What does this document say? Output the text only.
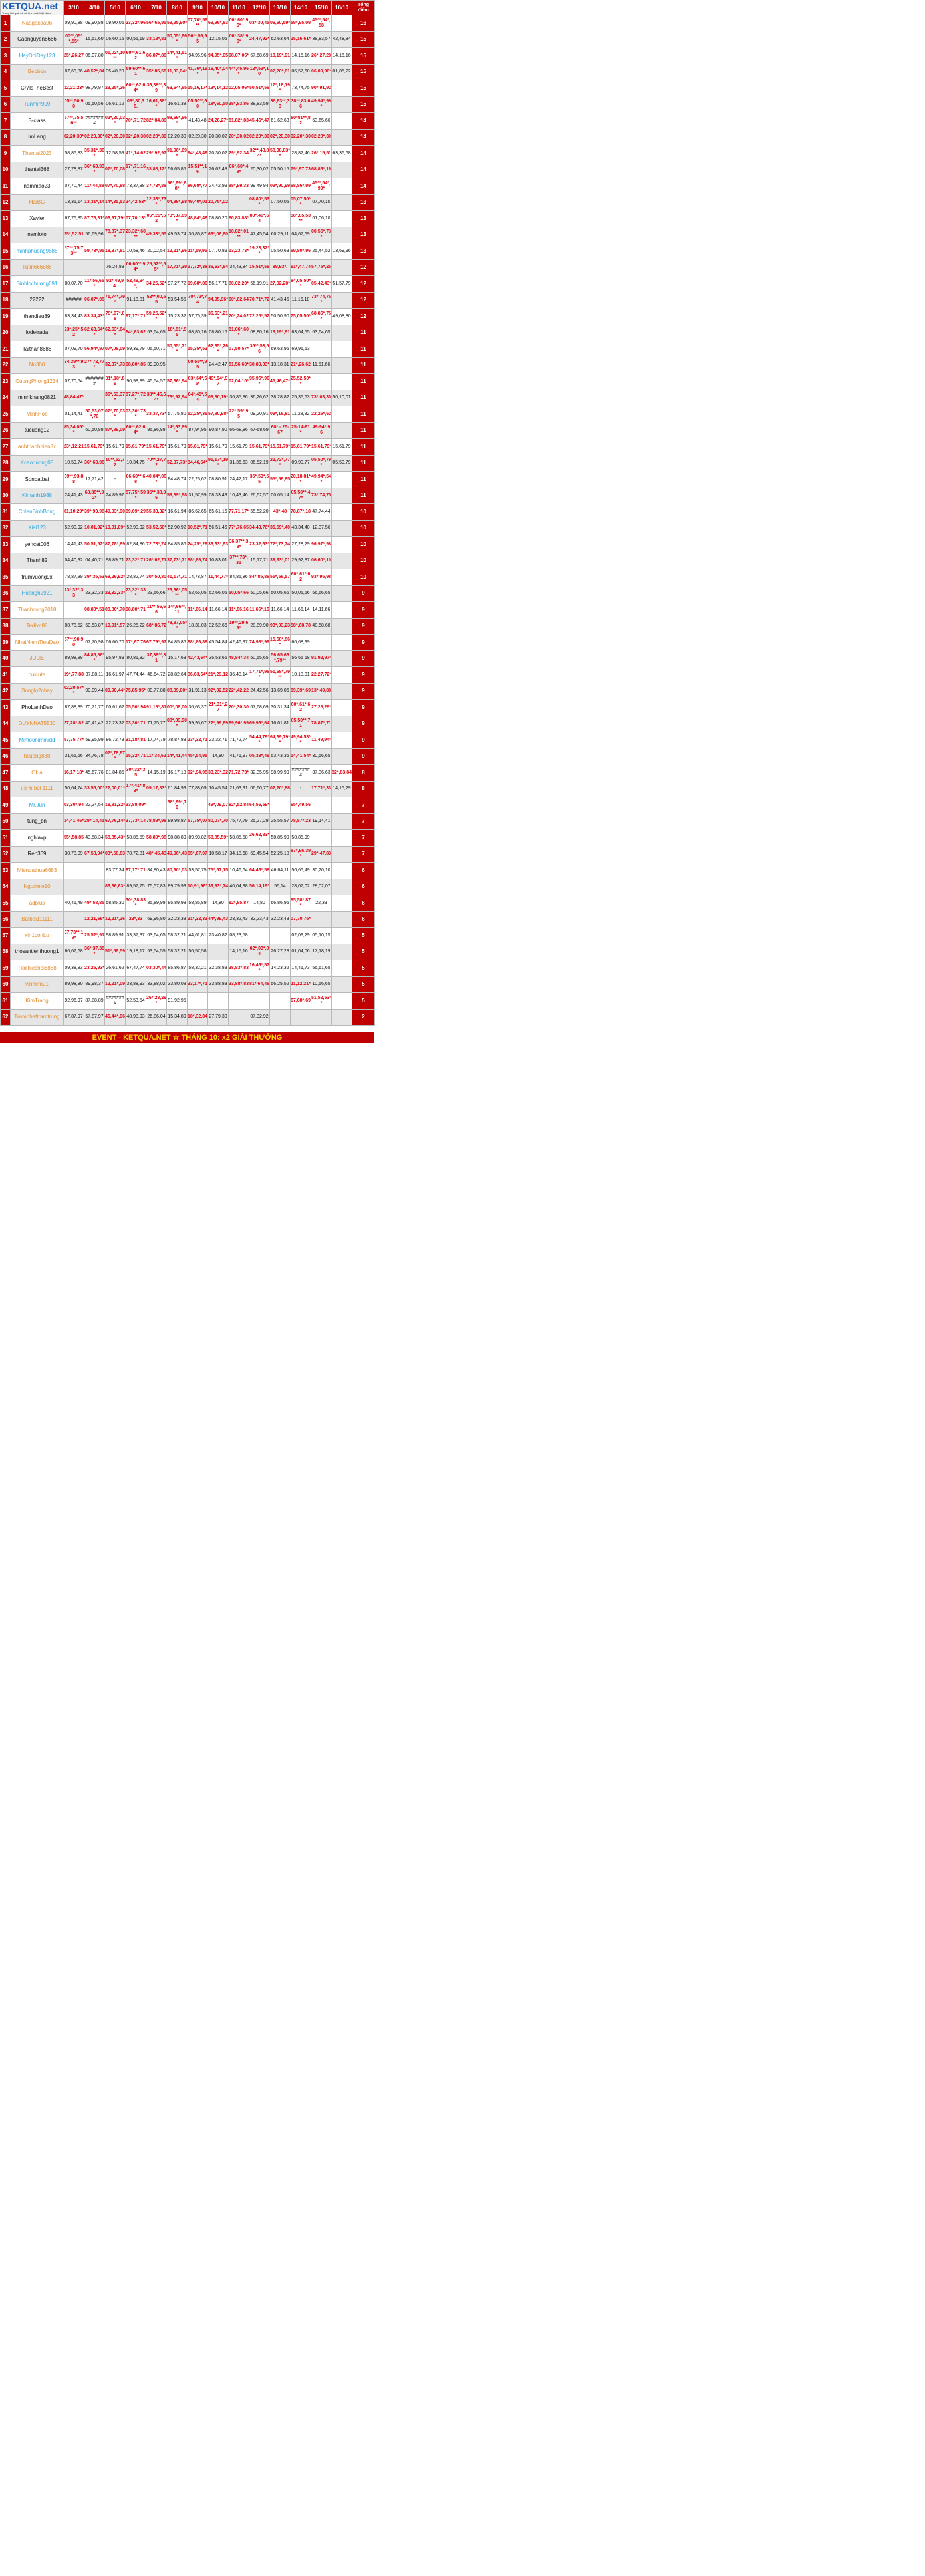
KETQUA.net
Trang kết quả xổ số lớn nhất Việt Nam		3/10	4/10	5/10	6/10	7/10	8/10	9/10	10/10	11/10	12/10	13/10	14/10	15/10	16/10	Tổng điểm
1	Naagaxaa96	09,90,88	09,90,88	09,90,06	23,32*,96	56*,65,95	59,95,90*	07,70*,56**	69,96*,83	06*,60*,96*	03*,30,45	06,60,59*	59*,95,09	45**,54*,58		16
2	Caonguyen8686	00**,05**,55*	15,51,60	06,60,15	00,55,19	33,18*,81	50,05*,66*	56**,59,95	12,15,06	06*,38*,96*	24,47,92*	62,63,64	25,16,61*	38,83,57	42,48,84	15
3	HayDoiDay123	25*,26,27	06,07,80	01,02*,10**	60**,61,62	86,87*,88	14*,41,51*	94,95,96	94,95*,05	08,07,06*	67,68,69	18,19*,91	14,15,16	26*,27,28	14,15,16	15
4	Bepbon	07,68,86	48,52*,84	35,48,29	59,60**,61	35*,85,58	11,33,64*	41,76*,19*	16,40*,04*	44*,45,96*	12*,53*,10	02,20*,01	06,57,60	06,09,90*	01,05,22	15
5	Cr7IsTheBest	12,21,23*	98,79,97	23,25*,26	60**,62,64*	36,38**,39	63,64*,65	15,16,17*	13*,14,12	02,05,06*	50,51*,56	17*,18,19*	73,74,75	90*,91,92		15
6	Tunmin999	05**,50,90	05,50,56	06,61,12	08*,80,38.	16,61,38**	16,61,38	05,50**,60	18*,60,50	38*,83,86	38,83,59	38,83**,33	38**,83,66	49,94*,99*		15
7	S-class	57**,75,56**	########	02*,20,03*	70*,71,72	82*,84,86	98,69*,96*	41,43,48	24,26,27*	81,82*,83	45,46*,47	61,62,63	80*81**,82	63,65,66		14
8	ImLang	02,20,30*	02,20,30*	02*,20,30	02*,20,30	02,20*,30	02,20,30	02,20,30	20,30,02	20*,30,02	02,20*,30	02*,20,30	02,20*,30	02,20*,30		14
9	Thantai2023	58,85,83	35,31*,36*	12,58,59	41*,14,62	29*,92,97	91,96*,69*	84*,48,46	20,30,02	29*,92,34	32**,48,84*	58,38,83**	28,82,46	26*,15,51	63,36,68	14
10	thantai368	27,78,87	36*,63,93*	07*,70,08	17*,71,16*	33,88,12*	56,65,85	15,51**,16	26,62,48	06*,60*,48*	20,30,02	05,50,15	79*,97,73	68,86*,16		14
11	nammao23	07,70,44	11*,44,88	07*,70,88	73,37,88	37,73*,88	96*,69*,88*	86,68*,77	24,42,99	88*,99,33	99 49 94	09*,90,99	68,86*,99	45**,54*,99*		14
12	HaiBG	13,31,14	13,31*,14	14*,35,53	24,42,53*	12,33*,73*	04,89*,98	49,40*,01	20,75*,02		08,80*,53*	07,50,05	05,07,50**	07,70,10		13
13	Xavier	67,76,85	87,78,31*	06,97,79*	07,70,13*	06*,26*,62	73*,37,89*	48,84*,46	08,80,20	80,83,88*	80*,46*,64		58*,85,53**	61,06,10		13
14	namloto	25*,52,51	56,69,96	78,87*,37*	23,32*,60**	49,33*,55	49.53,74	36,86,87	63*,06,60	10,82*,01**	47,45,54	60,29,11	04,67,69	00,55*,73*		13
15	minhphuong9888	57**,75,73**	59,73*,95	18,37*,81	10,58,46	20,02,54	12,21*,96	11*,59,95	07,70,89	13,23,73*	19,23,32**	05,50,63	69,80*,96	25,44,52	13,69,96	13
16	Tutin666888			76,24,88	06,60**,94*	25,52**,55*	17,71*,39	27,72*,38	36,63*,84	34,43,84	15,51*,56	89,93*,	61*,47,74	57,75*,25		12
17	Sinhlochuong691	80,07,70	11*,56,65*	92*,49,94.	52,49,94*,	34,25,52*	97,27,72	99,68*,86	56,17,71	80,02,20*	56,19,91	27,02,20*	84,05,50**	05,42,43*	51,57,79	12
18	22222	######	06,07*,08	71,74*,79*	91,18,81	52**,00,55	53,54,55	70*,72*,74	94,95,96*	60*,62,64	70,71*,72	41,43,45	11,16,18	73*,74,75*		12
19	thandieu89	83,34,43	83,34,43*	79*,97*,08	97,17*,71	59,25,52**	15,23,32	57,75,39	36,63*,21*	20*,24,02	72,25*,52	50,50,90	75,05,50*	68,86*,75*	49,08,80	12
20	lodetrada	23*,25*,52	62,63,64**	62,63*,64*	64*,63,62	63,64,65	18*,81*,95	08,80,16	08,80,16	81,06*,60*	08,80,16	18,19*,91	63,64,65	63,64,65		11
21	Taithan8686	07,09,70	56,94*,97	07*,08,09	59,39,79	05,50,71	50,55*,71*	15,35*,53	62,65*,26*	07,50,57*	35**,53,56	69,63,96	69,96,63			11
22	Nn300	34,39**,93	27*,72,77*	32,37*,73	08,80*,85	09,90,95		00,55**,95	24,42,47	51,56,60*	30,80,03*	13,18,31	21*,26,62	11,51,66		11
23	CuongPhong1234	07,70,54	########	01*,18*,89	90,98,89	45,54,57	57,66*,94	03*,64*,65*	49*,94*,97	02,04,10*	95,96*,96*	45,46,47*	25,52,50**			11
24	minhkhang0821	48,84,47*		36*,63,37*	87,27*,72*	38**,46,64*	73*,92,94	64*,45*,54	08,80,19*	36,85,86	36,26,62	38,28,82	25,36,63	73*,03,30	50,10,01	11
25	MinhHoe	01,14,41	50,53,07*,70	07*,70,03*	03,30*,73*	33,37,73*	57,75,80	52,25*,36	57,80,98*	22*,59*,95	09,20,91	09*,18,81	11,28,82	22,26*,62		11
26	tucuong12	85,34,05**	60,50,88	87*,89,09	60**,62,64*	95,86,88	14*,63,89*	87,94,95	80,87,90	66-68,86	67-68,69	68* - 25-67	25-14-61*	49-94*,96		11
27	anhthanhnien8x	23*,12,21	15,61,79*	15,61,79	15,61,79*	15,61,79*	15,61,79	15,61,79*	15,61,79	15,61,79	15,61,79*	15,61,79*	15,61,79*	15,61,79*	15,61,79	11
28	Kcaoduong08	10,59,74	36*,63,96	10**,52,72	10,34,75	70**,27,72	52,37,73*	34,46,64*	91,17*,19*	31,36,63	06,52,19	22,72*,77*	09,90,77	05,50*,79*	05,50,79	11
29	Sonbatbai	39**,93,88	17,71,42	-	06,60**,68	40,04*,06*	84,48,74	22,26,62	08,80,91	24,42,17	35*,53*,55	55*,58,85	20,18,81**	49,94*,54*		11
30	Kimanh1988	24,41,43	68,86**,92*	24,89,97	57,75*,59*	35**,38,96	59,89*,98	31,57,99	08,33,43	10,43,46	26,62,57	00,05,14	05,50**,47*	73*,74,75		11
31	ChienBinhBong	01,10,29*	39*,93,98	49,03*,90	89,09*,29	55,33,32*	16,61,94	86,62,65	65,61,16	77,71,17*	55,52,20	43*,48	78,87*,18	47,74,44		10
32	Xiai123	52,90,92	10,01,92*	10,01,09*	52,90,92	53,52,50*	52,90,92	10,52*,71	56,51,46	77*,76,65	34,43,76*	35,59*,40	43,34,40	12,37,56		10
33	yencat006	14,41,43	50,51,52*	87,78*,89	82,84,86	72,73*,74	84,85,86	24,25*,26	36,63*,63	36,37**,38*	23,32,63*	72*,73,74	27,28,29	96,97*,98		10
34	Thanh82	04,40,92	04,40,71	98,89,71	23,32*,71	26*,62,71	37,73*,71	68*,86,74	10,83,01	37**,73*,31	15,17,71	39,93*,01	29,92,37	06,60*,10		10
35	trumvuong9x	78,87,89	39*,35,53	68,29,92*	28,82,74	30*,50,80	41,17*,71	14,78,87	11,44,77*	84,85,86	84*,85,86	55*,56,57	60*,61*,62	93*,95,98		10
36	Hoangh2921	23*,32*,33	23,32,33	23,32,33*	23,32*,33*	23,66,66	23,66*,05**	52,66,05	52,66,05	50,05*,66	50,05,66	50,05,66	50,05,66	56,66,65		9
37	Thanhcong2018		08,80*,51	08,80*,70	08,80*,71	11**,56,66	14*,66**,11	11*,66,14	11,66,14	11*,66,16	11,66*,16	11,66,14	11,66,14	14,11,66		9
38	Tedivn88	08,78,52	50,53,87	19,91*,57	26,25,22	68*,86,72	78,87,05**	18,31,03	32,52,66	19**,29,69*	28,89,90	93*,03,23	58*,68,78	48,58,68		9
39	NhatNiemTieuDao	57**,90,98	07,70,98	06,60,70	17*,67,76	67,79*,97	84,85,86	68*,86,88	45,54,84	42,46,97	74,98*,99	15,68*,86*	66,68,99			9
40	JULIE	89,98,88	84,85,86**	95,97,89	80,81,82	37,38**,31	15,17,63	42,43,64*	35,53,65	48,84*,34	50,55,65	56 65 66*,79**	56 65 68	91 92,97*		9
41	cuicute	19*,77,88	87,88,11	16,61,97	47,74,44	46,64,72	28,82,64	36,63,64*	21*,29,12	36,48,14	17,71*,96*	51,68*,79**	10,18,01	22,27,72*		9
42	Songlo2nhay	02,20,57**	90,09,44	09,90,44*	75,85,95*	00,77,88	08,09,00*	31,91,13	92*,02,52	22*,42,22	24,42,56	13,69,06	09,39*,69	13*,49,88		9
43	PhoLanhDao	87,88,89	70,71,77	60,61,62	05,50*,94	91,18*,81	00*,08,00	36,63,37	21*,31*,27	20*,30,30	67,68,69	30,31,34	60*,61*,62	27,28,29*		9
44	DUYNHAT5530	27,28*,82	40,41,42	22,23,32	03,30*,71	71,75,77	00*,09,90*	59,95,67	22*,99,69	69,96*,99	69,96*,64	16,61,81	05,50**,71	78,87*,71		9
45	Mimoonimmidd	57,75,77*	59,95,99	86,72,73	31,18*,81	17,74,79	78,87,88	23*,32,71	23,32,71	71,72,74	54,44,79**	64,69,79**	49,94,53**	11,49,94*		9
46	hcuong888	31,65,66	34,76,78	02*,78,87*	15,32*,71	11*,34,62	14*,41,44	45*,54,95	14,80	41,71,97	05,33*,46	53,43,36	14,41,54*	30,56,65		9
47	Okla	16,17,18*	45,67,76	81,84,85	30*,32*,35	14,15,19	16,17,18	92*,94,95	33,23*,32	71,72,73*	32,35,95	98,99,99	########	37,36,63	82*,83,84	8
48	thịnh bùi 1111	50,64,74	33,55,00*	22,00,01*	17*,41*,83*	09,17,83*	61,84,99	77,88,69	10,45,54	21,63,91	06,60,77	02,20*,88	-	17,71*,33	14,15,29	8
49	Mr.Jun	03,30*,94	22,24,54	18,81,32*	33,88,09*		68*,69*,70		49*,09,07	82*,52,84	64,56,59*		65*,49,56			7
50	tung_bn	14,41,46*	29*,14,41	67,76,14*	37,73*,14	78,89*,98	89,98,87	57,75*,07	80,07*,70	75,77,79	25,27,29	25,55,57	78,87*,23	19,14,41		7
51	nghiavp	55*,58,85	43,58,34	58,85,43*	58,85,59	58,89*,98	98,88,89	89,98,82	58,85,59*	58,85,58	26,62,83**	58,85,99	58,85,99			7
52	Ren369	38,78,09	67,58,94*	03*,58,83	78,72,81	48*,45,43	49,96*,43	65*,67,07	10,58,17	34,18,68	69,45,54	52,25,18	87*,96,39*	29*,47,83		7
53	Miendathua6683			83,77,34	67,17*,71	84,80,43	80,90*,03	53,57,75	75*,57,15	10,46,64	64,46*,58	46,64,11	56,65,49	30,20,10		6
54	Ngoclelo10			86,36,63*	89,57,75	75,57,83	89,79,93	10,91,96*	39,93*,74	40,04,98	56,14,19*	56,14	28,07,02	28,02,07		6
55	adplus	40,41,49	49*,58,85	58,85,30	30*,38,83*	85,89,98	85,89,98	58,85,89	14,80	82*,85,87	14,80	66,86,96	85,58*,87*	22,33		6
56	Batbai111111		12,21,66*	12,21*,26	23*,33	69,96,80	32,23,33	31*,32,33	44*,99,43	23,32,43	32,23,43	32,23,43	07,70,75*			6
57	xin1conLo	37,73**,19*	25,52*,91	98,89,91	33,37,37	63,64,65	58,32,21	44,61,81	23,40,82	08,23,58			02,09,29	05,10,15		5
58	thosantienthuong1	66,67,68	36*,37,38*	51*,58,59	19,18,17	53,54,55	58,32,21	56,57,58		14,15,16	02*,03*,04	26,27,28	01,04,06	17,18,19		5
59	Tlochiechoi6888	09,38,83	23,25,93*	26,61,62	67,47,74	03,30*,44	85,86,87	58,32,21	32,38,83	38,83*,83	16,46*,57*	14,23,32	14,41,73	56,61,65		5
60	vinhem01	89,98,80	89,98,37	12,21*,09	33,88,93	33,88,02	33,80,08	33,17*,71	33,88,83	33,88*,83	81*,64,46	56,25,52	11,12,21*	10,56,65		5
61	KimTrang	92,96,97	87,88,89	########	52,53,54	26*,28,29*	91,92,95						67,68*,69	51,52,53**		5
62	Tramphattramtrung	67,87,97	57,87,97	46,44*,96	48,98,93	26,86,04	15,34,89	18*,32,84	27,79,30		07,32,92					2
EVENT - KETQUA.NET ☆ THÁNG 10: x2 GIẢI THƯỞNG
